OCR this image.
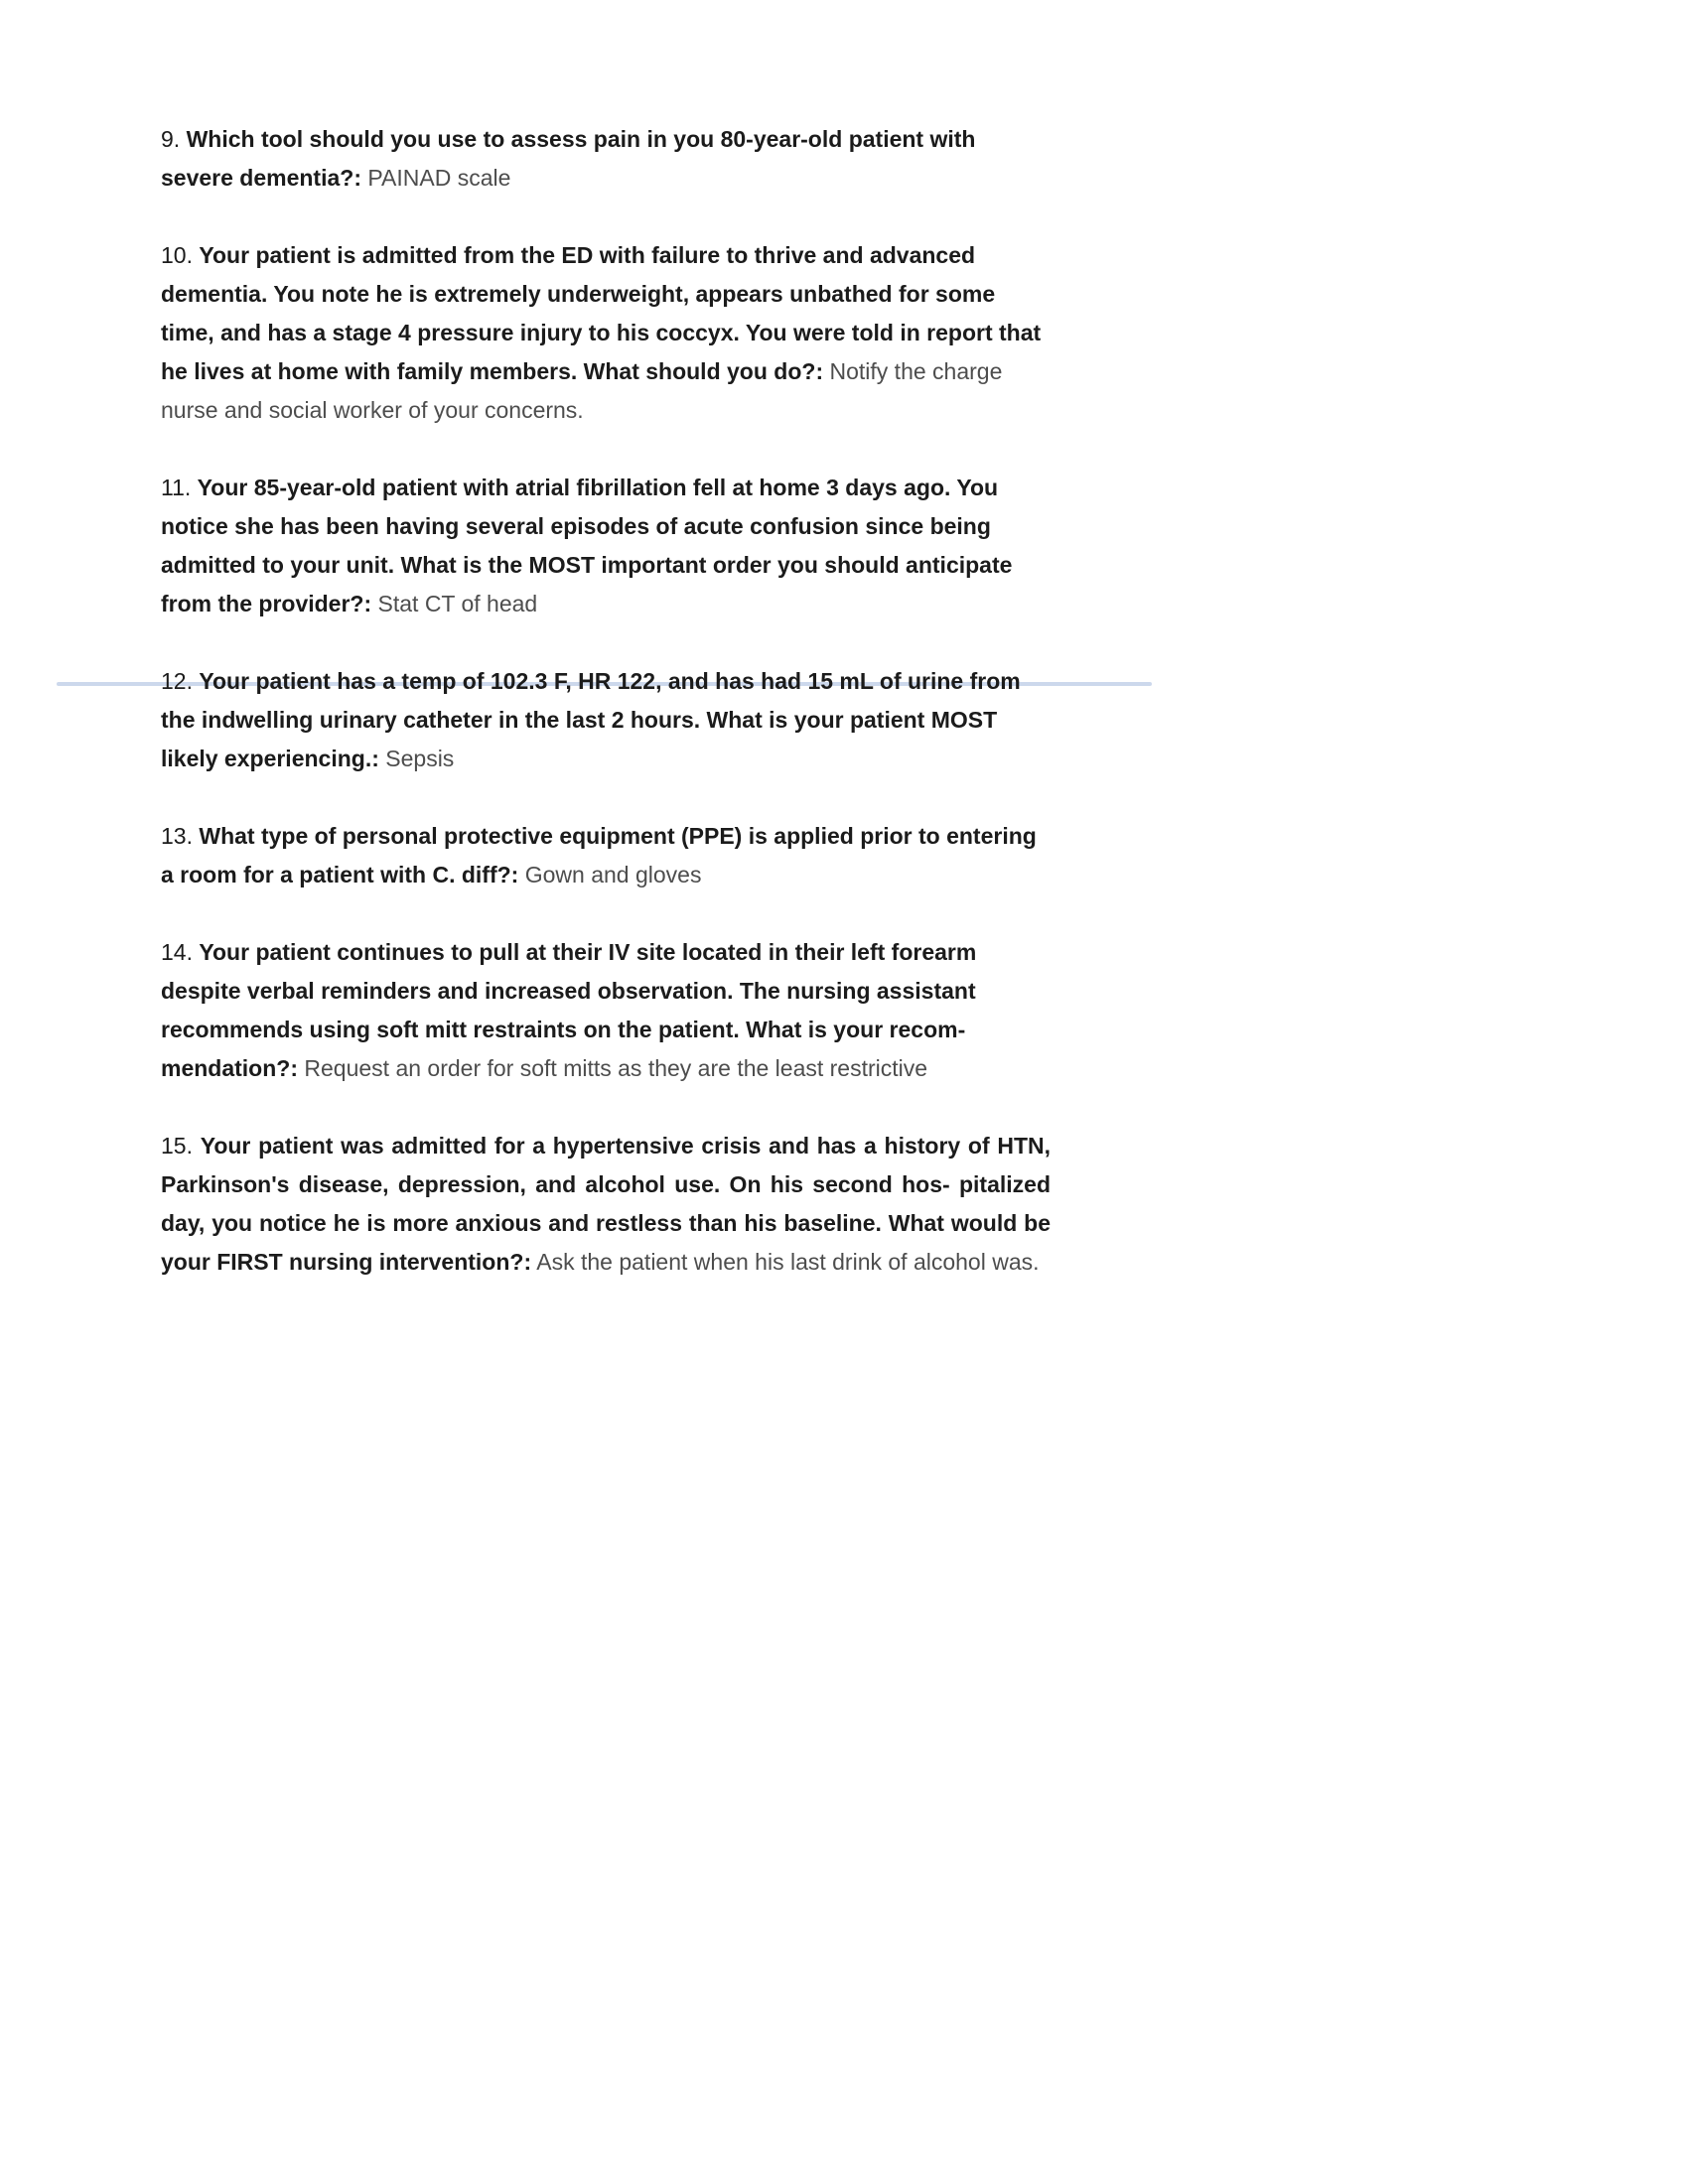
9. Which tool should you use to assess pain in you 80-year-old patient with severe dementia?: PAINAD scale

10. Your patient is admitted from the ED with failure to thrive and advanced dementia. You note he is extremely underweight, appears unbathed for some time, and has a stage 4 pressure injury to his coccyx. You were told in report that he lives at home with family members. What should you do?: Notify the charge nurse and social worker of your concerns.

11. Your 85-year-old patient with atrial fibrillation fell at home 3 days ago. You notice she has been having several episodes of acute confusion since being admitted to your unit. What is the MOST important order you should anticipate from the provider?: Stat CT of head

12. Your patient has a temp of 102.3 F, HR 122, and has had 15 mL of urine from the indwelling urinary catheter in the last 2 hours. What is your patient MOST likely experiencing.: Sepsis

13. What type of personal protective equipment (PPE) is applied prior to entering a room for a patient with C. diff?: Gown and gloves

14. Your patient continues to pull at their IV site located in their left forearm despite verbal reminders and increased observation. The nursing assistant recommends using soft mitt restraints on the patient. What is your recom- mendation?: Request an order for soft mitts as they are the least restrictive

15. Your patient was admitted for a hypertensive crisis and has a history of HTN, Parkinson's disease, depression, and alcohol use. On his second hos- pitalized day, you notice he is more anxious and restless than his baseline. What would be your FIRST nursing intervention?: Ask the patient when his last drink of alcohol was.
